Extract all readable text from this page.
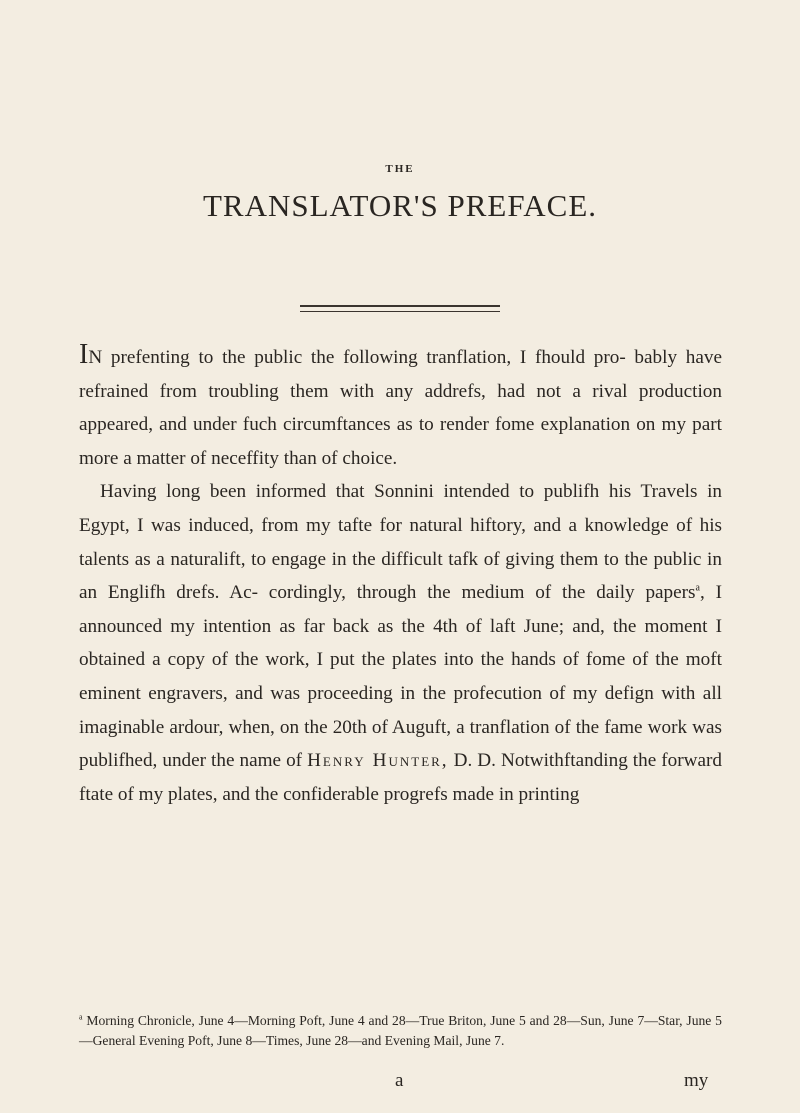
THE
TRANSLATOR'S PREFACE.

IN prefenting to the public the following tranflation, I fhould pro- bably have refrained from troubling them with any addrefs, had not a rival production appeared, and under fuch circumftances as to render fome explanation on my part more a matter of neceffity than of choice.

Having long been informed that Sonnini intended to publifh his Travels in Egypt, I was induced, from my tafte for natural hiftory, and a knowledge of his talents as a naturalift, to engage in the difficult tafk of giving them to the public in an Englifh drefs. Ac- cordingly, through the medium of the daily papers$^a$, I announced my intention as far back as the 4th of laft June; and, the moment I obtained a copy of the work, I put the plates into the hands of fome of the moft eminent engravers, and was proceeding in the profecution of my defign with all imaginable ardour, when, on the 20th of Auguft, a tranflation of the fame work was publifhed, under the name of Henry Hunter, D. D. Notwithftanding the forward ftate of my plates, and the confiderable progrefs made in printing

$^a$ Morning Chronicle, June 4—Morning Poft, June 4 and 28—True Briton, June 5 and 28—Sun, June 7—Star, June 5—General Evening Poft, June 8—Times, June 28—and Evening Mail, June 7.
a	my
